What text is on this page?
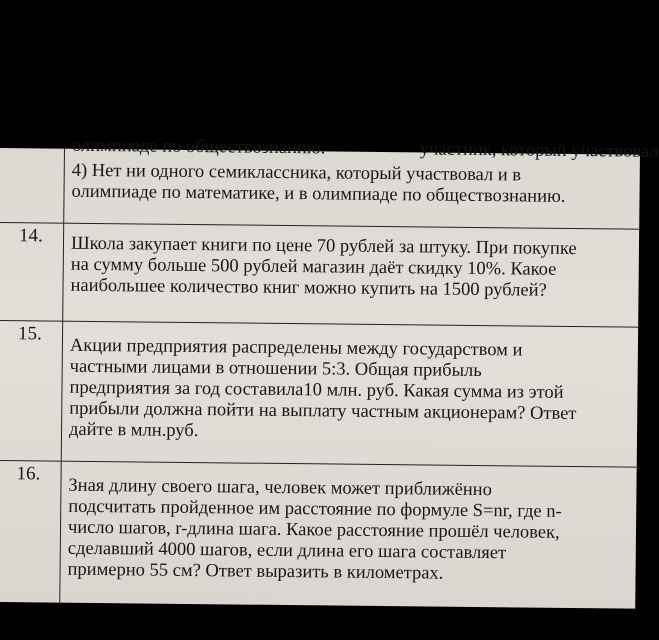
олимпиаде по обществознанию.	участник, который участвовал
4) Нет ни одного семиклассника, который участвовал и в
олимпиаде по математике, и в олимпиаде по обществознанию.
14. Школа закупает книги по цене 70 рублей за штуку. При покупке
на сумму больше 500 рублей магазин даёт скидку 10%. Какое
наибольшее количество книг можно купить на 1500 рублей?
15.
Акции предприятия распределены между государством и
частными лицами в отношении 5:3. Общая прибыль
предприятия за год составила10 млн. руб. Какая сумма из этой
прибыли должна пойти на выплату частным акционерам? Ответ
дайте в млн.руб.
16.
Зная длину своего шага, человек может приближённо
подсчитать пройденное им расстояние по формуле S=nr, где n-
число шагов, r-длина шага. Какое расстояние прошёл человек,
сделавший 4000 шагов, если длина его шага составляет
примерно 55 см? Ответ выразить в километрах.
